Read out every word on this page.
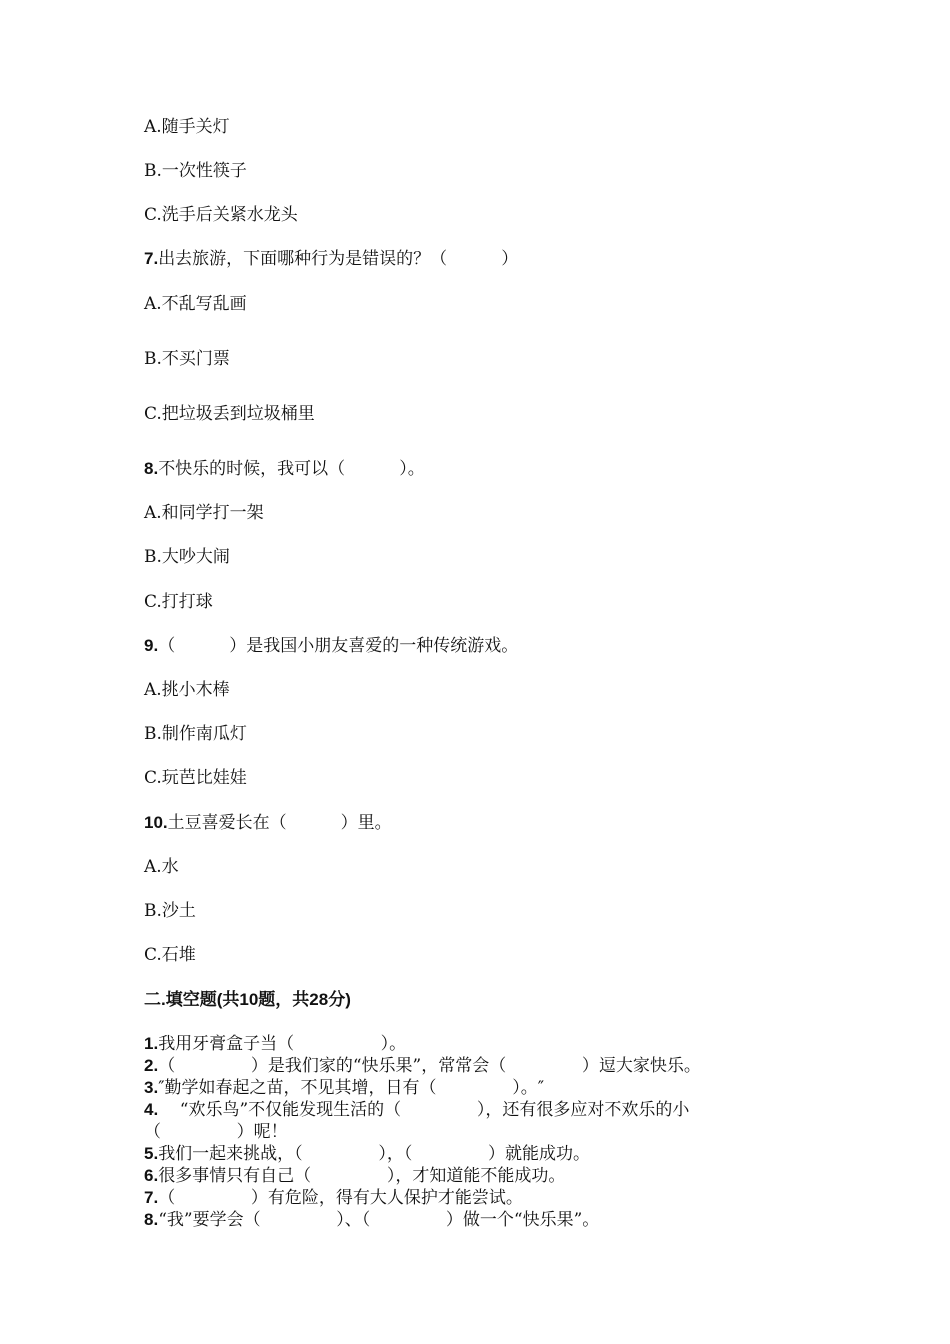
A.随手关灯
B.一次性筷子
C.洗手后关紧水龙头
7.出去旅游，下面哪种行为是错误的？（          ）
A.不乱写乱画
B.不买门票
C.把垃圾丢到垃圾桶里
8.不快乐的时候，我可以（          ）。
A.和同学打一架
B.大吵大闹
C.打打球
9.（          ）是我国小朋友喜爱的一种传统游戏。
A.挑小木棒
B.制作南瓜灯
C.玩芭比娃娃
10.土豆喜爱长在（          ）里。
A.水
B.沙土
C.石堆
二.填空题(共10题，共28分)
1.我用牙膏盒子当（                ）。
2.（              ）是我们家的“快乐果”，常常会（              ）逗大家快乐。
3.″勤学如春起之苗，不见其增，日有（              ）。″
4.    “欢乐鸟”不仅能发现生活的（              ），还有很多应对不欢乐的小
（              ）呢！
5.我们一起来挑战，（              ），（              ）就能成功。
6.很多事情只有自己（              ），才知道能不能成功。
7.（              ）有危险，得有大人保护才能尝试。
8.“我”要学会（              ）、（              ）做一个“快乐果”。
